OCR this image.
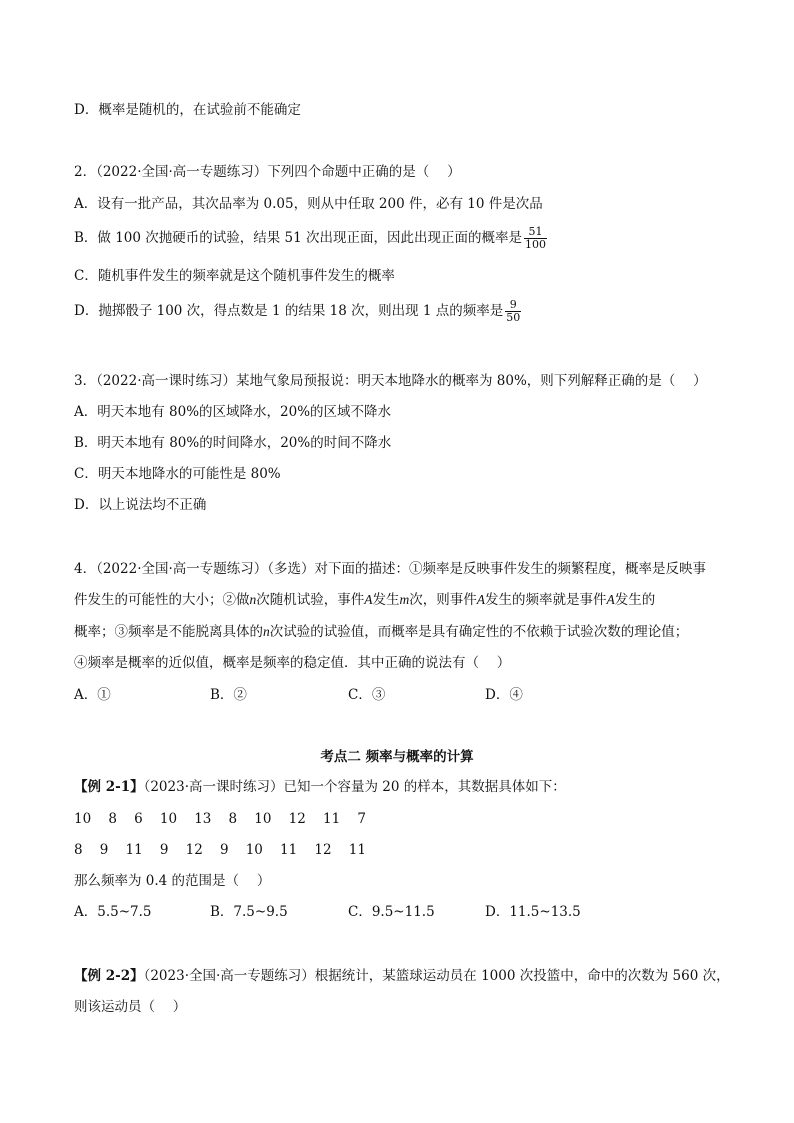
D．概率是随机的，在试验前不能确定
2．（2022·全国·高一专题练习）下列四个命题中正确的是（　 ）
A．设有一批产品，其次品率为 0.05，则从中任取 200 件，必有 10 件是次品
B．做 100 次抛硬币的试验，结果 51 次出现正面，因此出现正面的概率是 $\frac{51}{100}$
C．随机事件发生的频率就是这个随机事件发生的概率
D．抛掷骰子 100 次，得点数是 1 的结果 18 次，则出现 1 点的频率是 $\frac{9}{50}$
3．（2022·高一课时练习）某地气象局预报说：明天本地降水的概率为 80%，则下列解释正确的是（　 ）
A．明天本地有 80%的区域降水，20%的区域不降水
B．明天本地有 80%的时间降水，20%的时间不降水
C．明天本地降水的可能性是 80%
D．以上说法均不正确
4．（2022·全国·高一专题练习）（多选）对下面的描述：①频率是反映事件发生的频繁程度，概率是反映事
件发生的可能性的大小；②做n次随机试验，事件A发生m次，则事件A发生的频率就是事件A发生的
概率；③频率是不能脱离具体的n次试验的试验值，而概率是具有确定性的不依赖于试验次数的理论值；
④频率是概率的近似值，概率是频率的稳定值．其中正确的说法有（　 ）
A．①	B．②	C．③	D．④
考点二 频率与概率的计算
【例 2-1】（2023·高一课时练习）已知一个容量为 20 的样本，其数据具体如下：
10    8    6    10    13    8    10    12    11    7
8    9    11    9    12    9    10    11    12    11
那么频率为 0.4 的范围是（　 ）
A．5.5~7.5	B．7.5~9.5	C．9.5~11.5	D．11.5~13.5
【例 2-2】（2023·全国·高一专题练习）根据统计，某篮球运动员在 1000 次投篮中，命中的次数为 560 次，
则该运动员（　 ）
